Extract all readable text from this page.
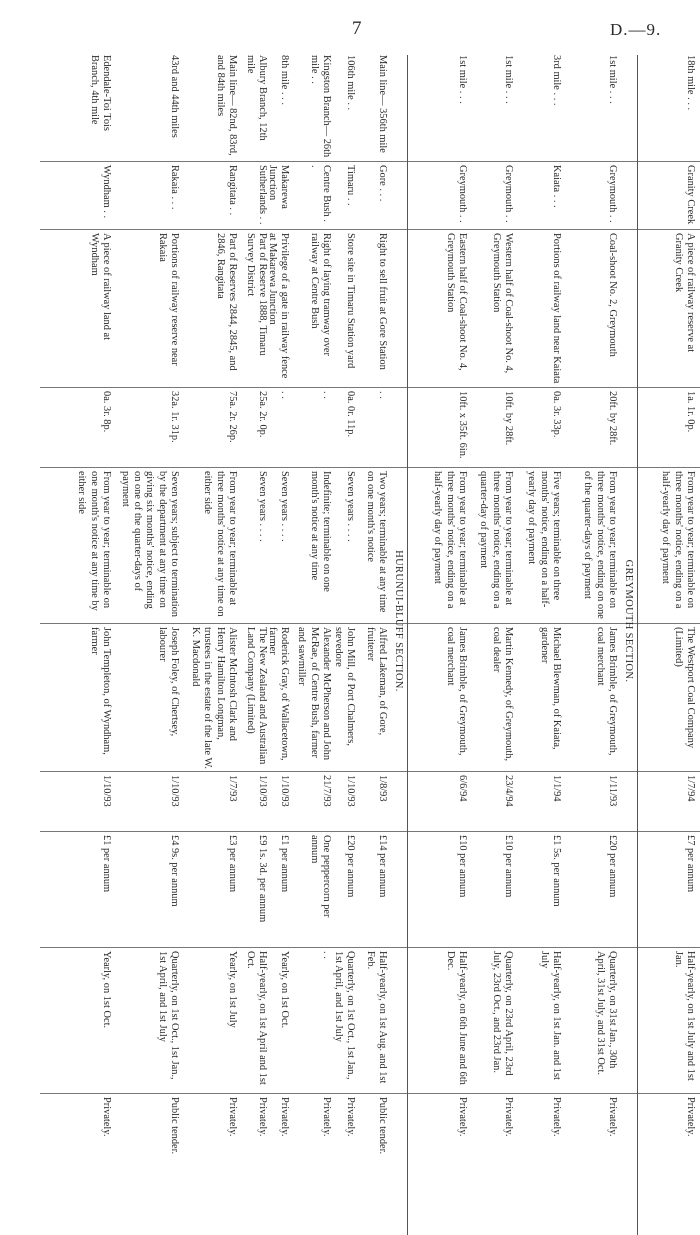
7	D.—9.
18th mile . . .
Granity Creek
A piece of railway reserve at Granity Creek
1a. 1r. 0p.
From year to year; terminable on three months' notice, ending on a half-yearly day of payment
The Westport Coal Company (Limited)
1/7/94
£7 per annum
Half-yearly, on 1st July and 1st Jan.
Privately.
GREYMOUTH SECTION.
1st mile . . .
Greymouth . .
Coal-shoot No. 2, Greymouth
20ft. by 28ft.
From year to year; terminable on three months' notice, ending on one of the quarter-days of payment
James Brimble, of Greymouth, coal merchant
1/11/93
£20 per annum
Quarterly, on 31st Jan., 30th April, 31st July, and 31st Oct.
Privately.
3rd mile . . .
Kaiata . . .
Portions of railway land near Kaiata
0a. 3r. 33p.
Five years; terminable on three months' notice, ending on a half-yearly day of payment
Michael Blewman, of Kaiata, gardener
1/1/94
£1 5s. per annum
Half-yearly, on 1st Jan. and 1st July
Privately.
1st mile . . .
Greymouth . .
Western half of Coal-shoot No. 4, Greymouth Station
10ft. by 28ft.
From year to year; terminable at three months' notice, ending on a quarter-day of payment
Martin Kennedy, of Greymouth, coal dealer
23/4/94
£10 per annum
Quarterly, on 23rd April, 23rd July, 23rd Oct., and 23rd Jan.
Privately.
1st mile . . .
Greymouth . .
Eastern half of Coal-shoot No. 4, Greymouth Station
10ft. x 35ft. 6in.
From year to year; terminable at three months' notice, ending on a half-yearly day of payment
James Brimble, of Greymouth, coal merchant
6/6/94
£10 per annum
Half-yearly, on 6th June and 6th Dec.
Privately.
HURUNUI-BLUFF SECTION.
Main line— 356th mile
Gore . . .
Right to sell fruit at Gore Station
. .
Two years; terminable at any time on one month's notice
Alfred Lakeman, of Gore, fruiterer
1/8/93
£14 per annum
Half-yearly, on 1st Aug. and 1st Feb.
Public tender.
106th mile . .
Timaru . .
Store site in Timaru Station yard
0a. 0r. 11p.
Seven years . . . .
John Mill, of Port Chalmers, stevedore
1/10/93
£20 per annum
Quarterly, on 1st Oct., 1st Jan., 1st April, and 1st July
Privately.
Kingston Branch— 26th mile . .
Centre Bush . .
Right of laying tramway over railway at Centre Bush
. .
Indefinite; terminable on one month's notice at any time
Alexander McPherson and John McRae, of Centre Bush, farmer and sawmiller
21/7/93
One peppercorn per annum
. .
Privately.
8th mile . . .
Makarewa Junction
Privilege of a gate in railway fence at Makarewa Junction
. .
Seven years . . . .
Roderick Gray, of Wallacetown, farmer
1/10/93
£1 per annum
Yearly, on 1st Oct.
Privately.
Albury Branch, 12th mile
Sutherlands . .
Part of Reserve 1888, Timaru Survey District
25a. 2r. 0p.
Seven years . . . .
The New Zealand and Australian Land Company (Limited)
1/10/93
£9 1s. 3d. per annum
Half-yearly, on 1st April and 1st Oct.
Privately.
Main line— 82nd, 83rd, and 84th miles
Rangitata . .
Part of Reserves 2844, 2845, and 2846, Rangitata
75a. 2r. 26p.
From year to year; terminable at three months' notice at any time on either side
Alister McIntosh Clark and Henry Hamilton Longman, trustees in the estate of the late W. K. Macdonald
1/7/93
£3 per annum
Yearly, on 1st July
Privately.
43rd and 44th miles
Rakaia . . .
Portions of railway reserve near Rakaia
32a. 1r. 31p.
Seven years; subject to termination by the department at any time on giving six months' notice, ending on one of the quarter-days of payment
Joseph Foley, of Chertsey, labourer
1/10/93
£4 9s. per annum
Quarterly, on 1st Oct., 1st Jan., 1st April, and 1st July
Public tender.
Edendale-Toi Tois Branch, 4th mile
Wyndham . .
A piece of railway land at Wyndham
0a. 3r. 8p.
From year to year; terminable on one month's notice at any time by either side
John Templeton, of Wyndham, farmer
1/10/93
£1 per annum
Yearly, on 1st Oct.
Privately.
